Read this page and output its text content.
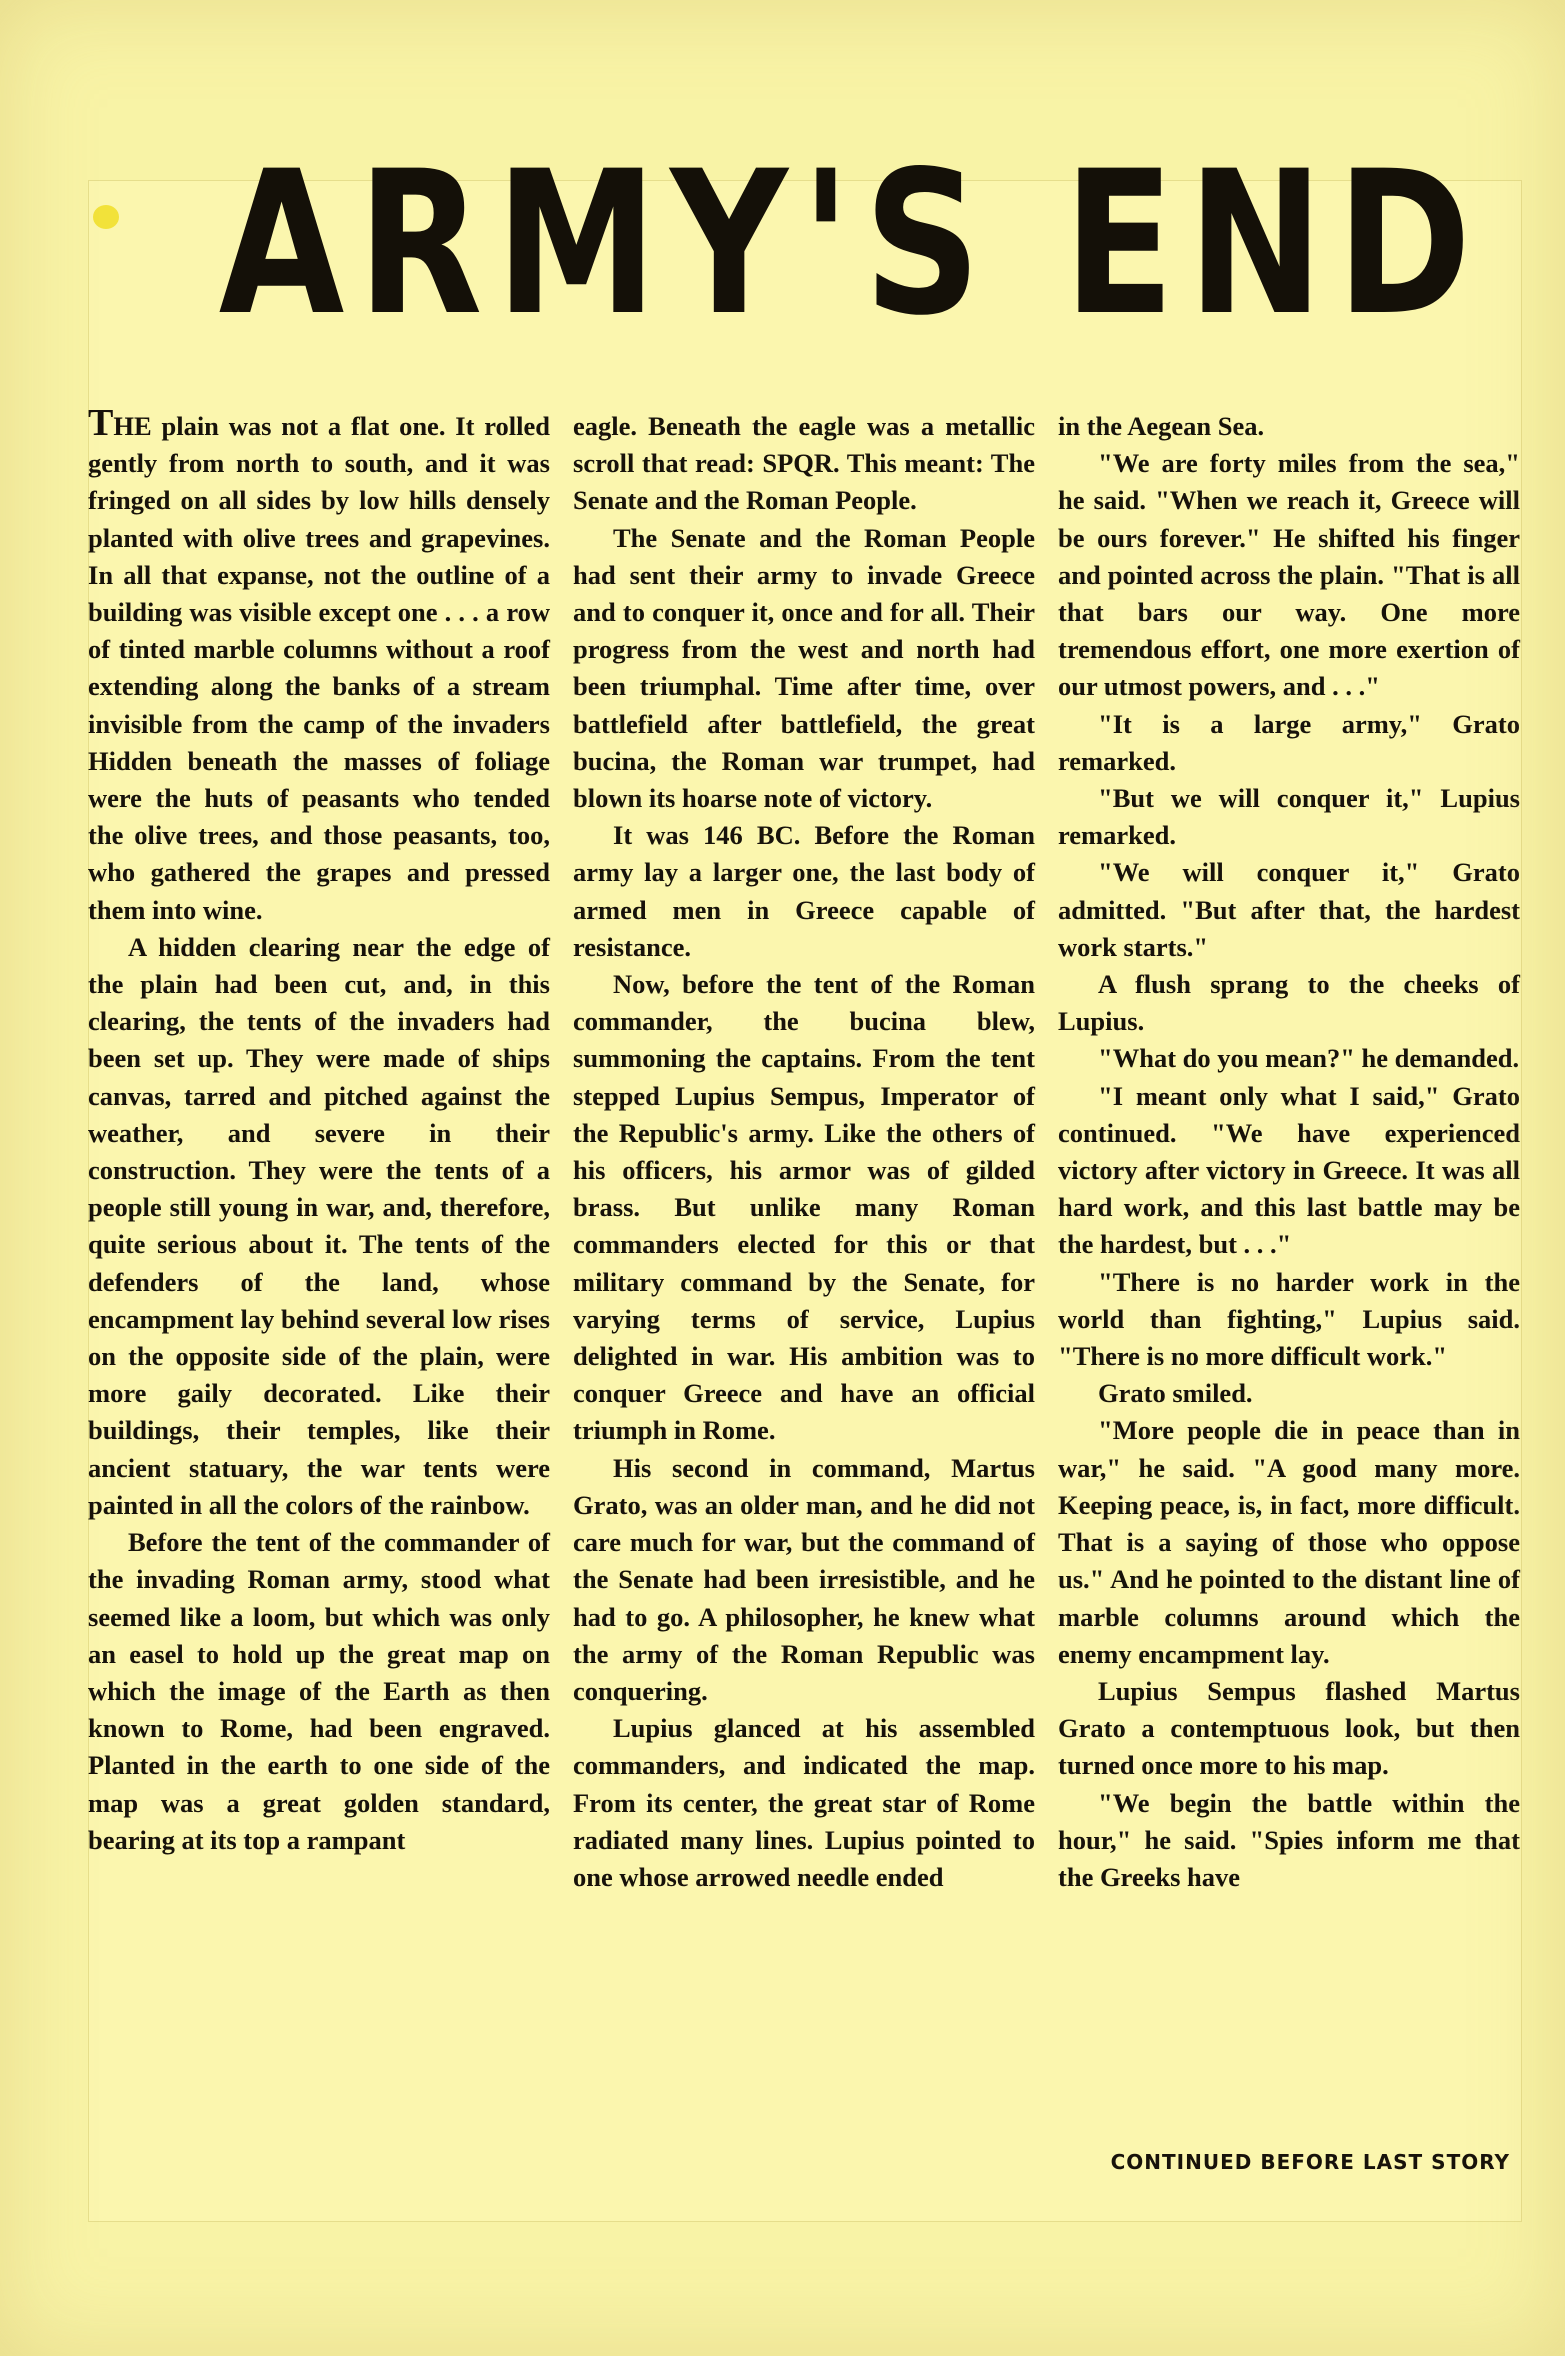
ARMY'S END

THE plain was not a flat one. It rolled gently from north to south, and it was fringed on all sides by low hills densely planted with olive trees and grapevines. In all that expanse, not the outline of a building was visible except one . . . a row of tinted marble columns without a roof extending along the banks of a stream invisible from the camp of the invaders Hidden beneath the masses of foliage were the huts of peasants who tended the olive trees, and those peasants, too, who gathered the grapes and pressed them into wine.

A hidden clearing near the edge of the plain had been cut, and, in this clearing, the tents of the invaders had been set up. They were made of ships canvas, tarred and pitched against the weather, and severe in their construction. They were the tents of a people still young in war, and, therefore, quite serious about it. The tents of the defenders of the land, whose encampment lay behind several low rises on the opposite side of the plain, were more gaily decorated. Like their buildings, their temples, like their ancient statuary, the war tents were painted in all the colors of the rainbow.

Before the tent of the commander of the invading Roman army, stood what seemed like a loom, but which was only an easel to hold up the great map on which the image of the Earth as then known to Rome, had been engraved. Planted in the earth to one side of the map was a great golden standard, bearing at its top a rampant

eagle. Beneath the eagle was a metallic scroll that read: SPQR. This meant: The Senate and the Roman People.

The Senate and the Roman People had sent their army to invade Greece and to conquer it, once and for all. Their progress from the west and north had been triumphal. Time after time, over battlefield after battlefield, the great bucina, the Roman war trumpet, had blown its hoarse note of victory.

It was 146 BC. Before the Roman army lay a larger one, the last body of armed men in Greece capable of resistance.

Now, before the tent of the Roman commander, the bucina blew, summoning the captains. From the tent stepped Lupius Sempus, Imperator of the Republic's army. Like the others of his officers, his armor was of gilded brass. But unlike many Roman commanders elected for this or that military command by the Senate, for varying terms of service, Lupius delighted in war. His ambition was to conquer Greece and have an official triumph in Rome.

His second in command, Martus Grato, was an older man, and he did not care much for war, but the command of the Senate had been irresistible, and he had to go. A philosopher, he knew what the army of the Roman Republic was conquering.

Lupius glanced at his assembled commanders, and indicated the map. From its center, the great star of Rome radiated many lines. Lupius pointed to one whose arrowed needle ended

in the Aegean Sea.

"We are forty miles from the sea," he said. "When we reach it, Greece will be ours forever." He shifted his finger and pointed across the plain. "That is all that bars our way. One more tremendous effort, one more exertion of our utmost powers, and . . ."

"It is a large army," Grato remarked.

"But we will conquer it," Lupius remarked.

"We will conquer it," Grato admitted. "But after that, the hardest work starts."

A flush sprang to the cheeks of Lupius.

"What do you mean?" he demanded.

"I meant only what I said," Grato continued. "We have experienced victory after victory in Greece. It was all hard work, and this last battle may be the hardest, but . . ."

"There is no harder work in the world than fighting," Lupius said. "There is no more difficult work."

Grato smiled.

"More people die in peace than in war," he said. "A good many more. Keeping peace, is, in fact, more difficult. That is a saying of those who oppose us." And he pointed to the distant line of marble columns around which the enemy encampment lay.

Lupius Sempus flashed Martus Grato a contemptuous look, but then turned once more to his map.

"We begin the battle within the hour," he said. "Spies inform me that the Greeks have

CONTINUED BEFORE LAST STORY
